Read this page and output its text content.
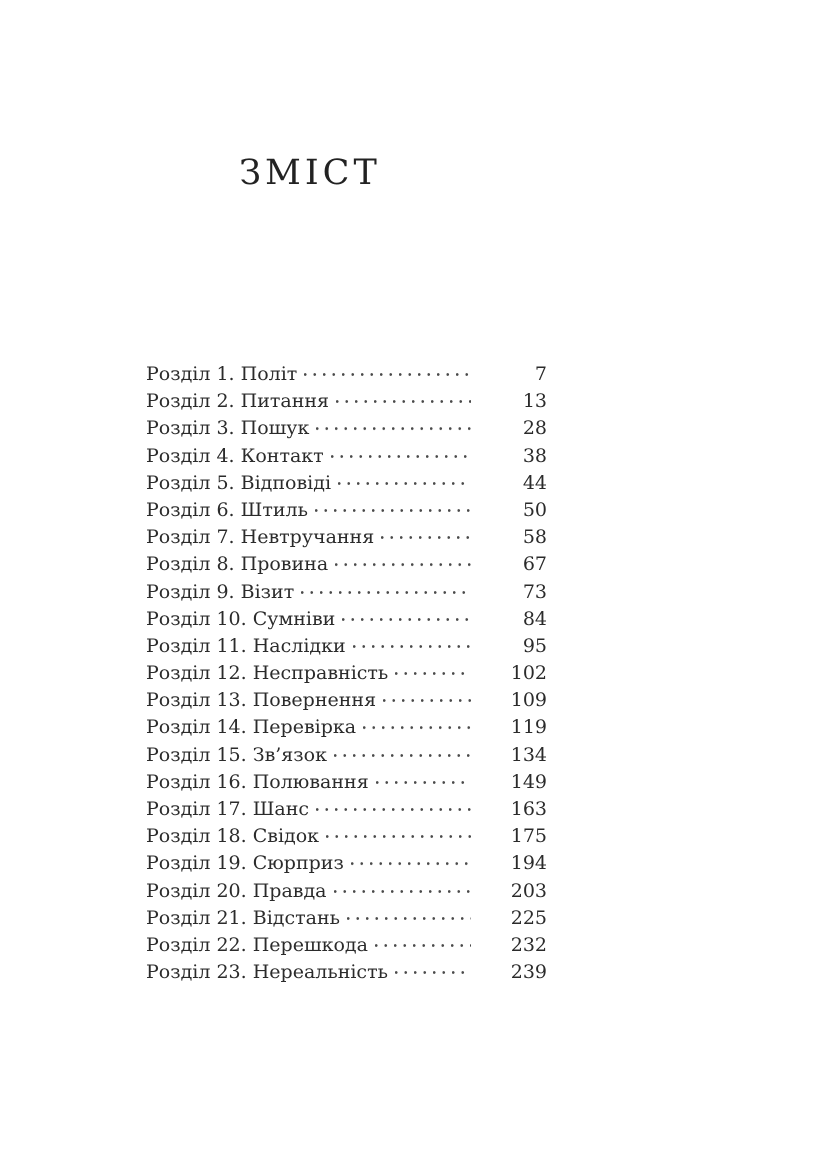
ЗМІСТ
Розділ 1. Політ	7
Розділ 2. Питання	13
Розділ 3. Пошук	28
Розділ 4. Контакт	38
Розділ 5. Відповіді	44
Розділ 6. Штиль	50
Розділ 7. Невтручання	58
Розділ 8. Провина	67
Розділ 9. Візит	73
Розділ 10. Сумніви	84
Розділ 11. Наслідки	95
Розділ 12. Несправність	102
Розділ 13. Повернення	109
Розділ 14. Перевірка	119
Розділ 15. Зв’язок	134
Розділ 16. Полювання	149
Розділ 17. Шанс	163
Розділ 18. Свідок	175
Розділ 19. Сюрприз	194
Розділ 20. Правда	203
Розділ 21. Відстань	225
Розділ 22. Перешкода	232
Розділ 23. Нереальність	239
